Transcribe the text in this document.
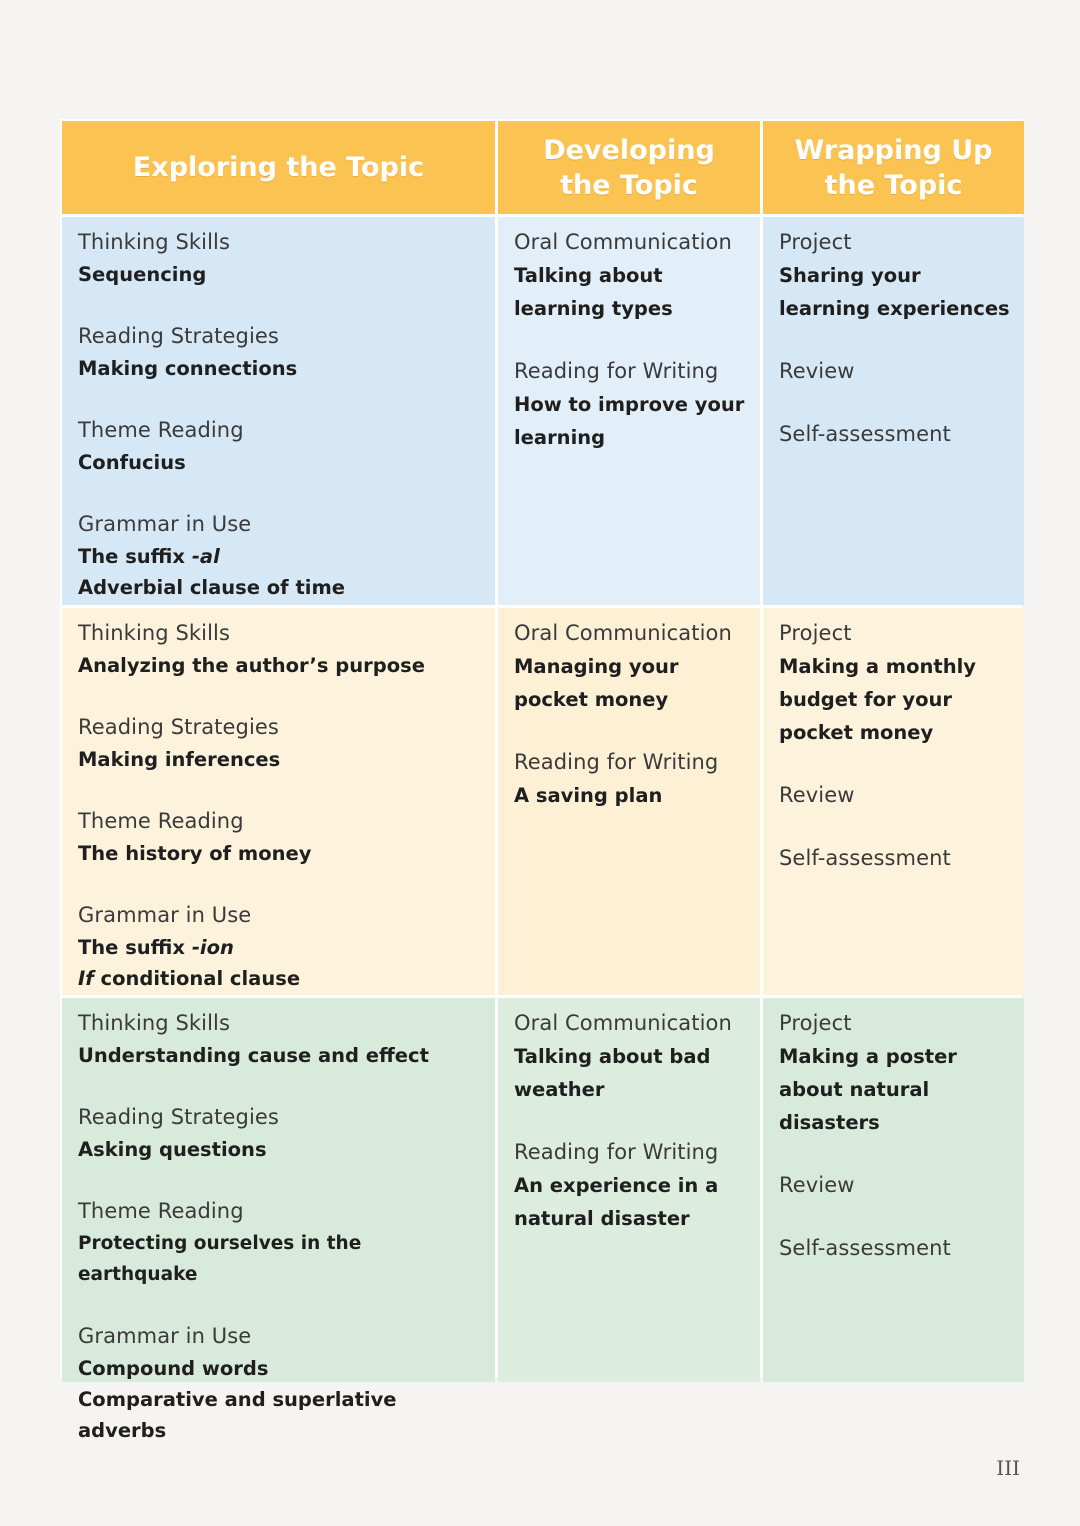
Exploring the Topic
Developing the Topic
Wrapping Up the Topic
Thinking Skills
Sequencing
Reading Strategies
Making connections
Theme Reading
Confucius
Grammar in Use
The suffix -al
Adverbial clause of time
Oral Communication
Talking about learning types
Reading for Writing
How to improve your learning
Project
Sharing your learning experiences
Review
Self-assessment
Thinking Skills
Analyzing the author’s purpose
Reading Strategies
Making inferences
Theme Reading
The history of money
Grammar in Use
The suffix -ion
If conditional clause
Oral Communication
Managing your pocket money
Reading for Writing
A saving plan
Project
Making a monthly budget for your pocket money
Review
Self-assessment
Thinking Skills
Understanding cause and effect
Reading Strategies
Asking questions
Theme Reading
Protecting ourselves in the earthquake
Grammar in Use
Compound words
Comparative and superlative adverbs
Oral Communication
Talking about bad weather
Reading for Writing
An experience in a natural disaster
Project
Making a poster about natural disasters
Review
Self-assessment
III
